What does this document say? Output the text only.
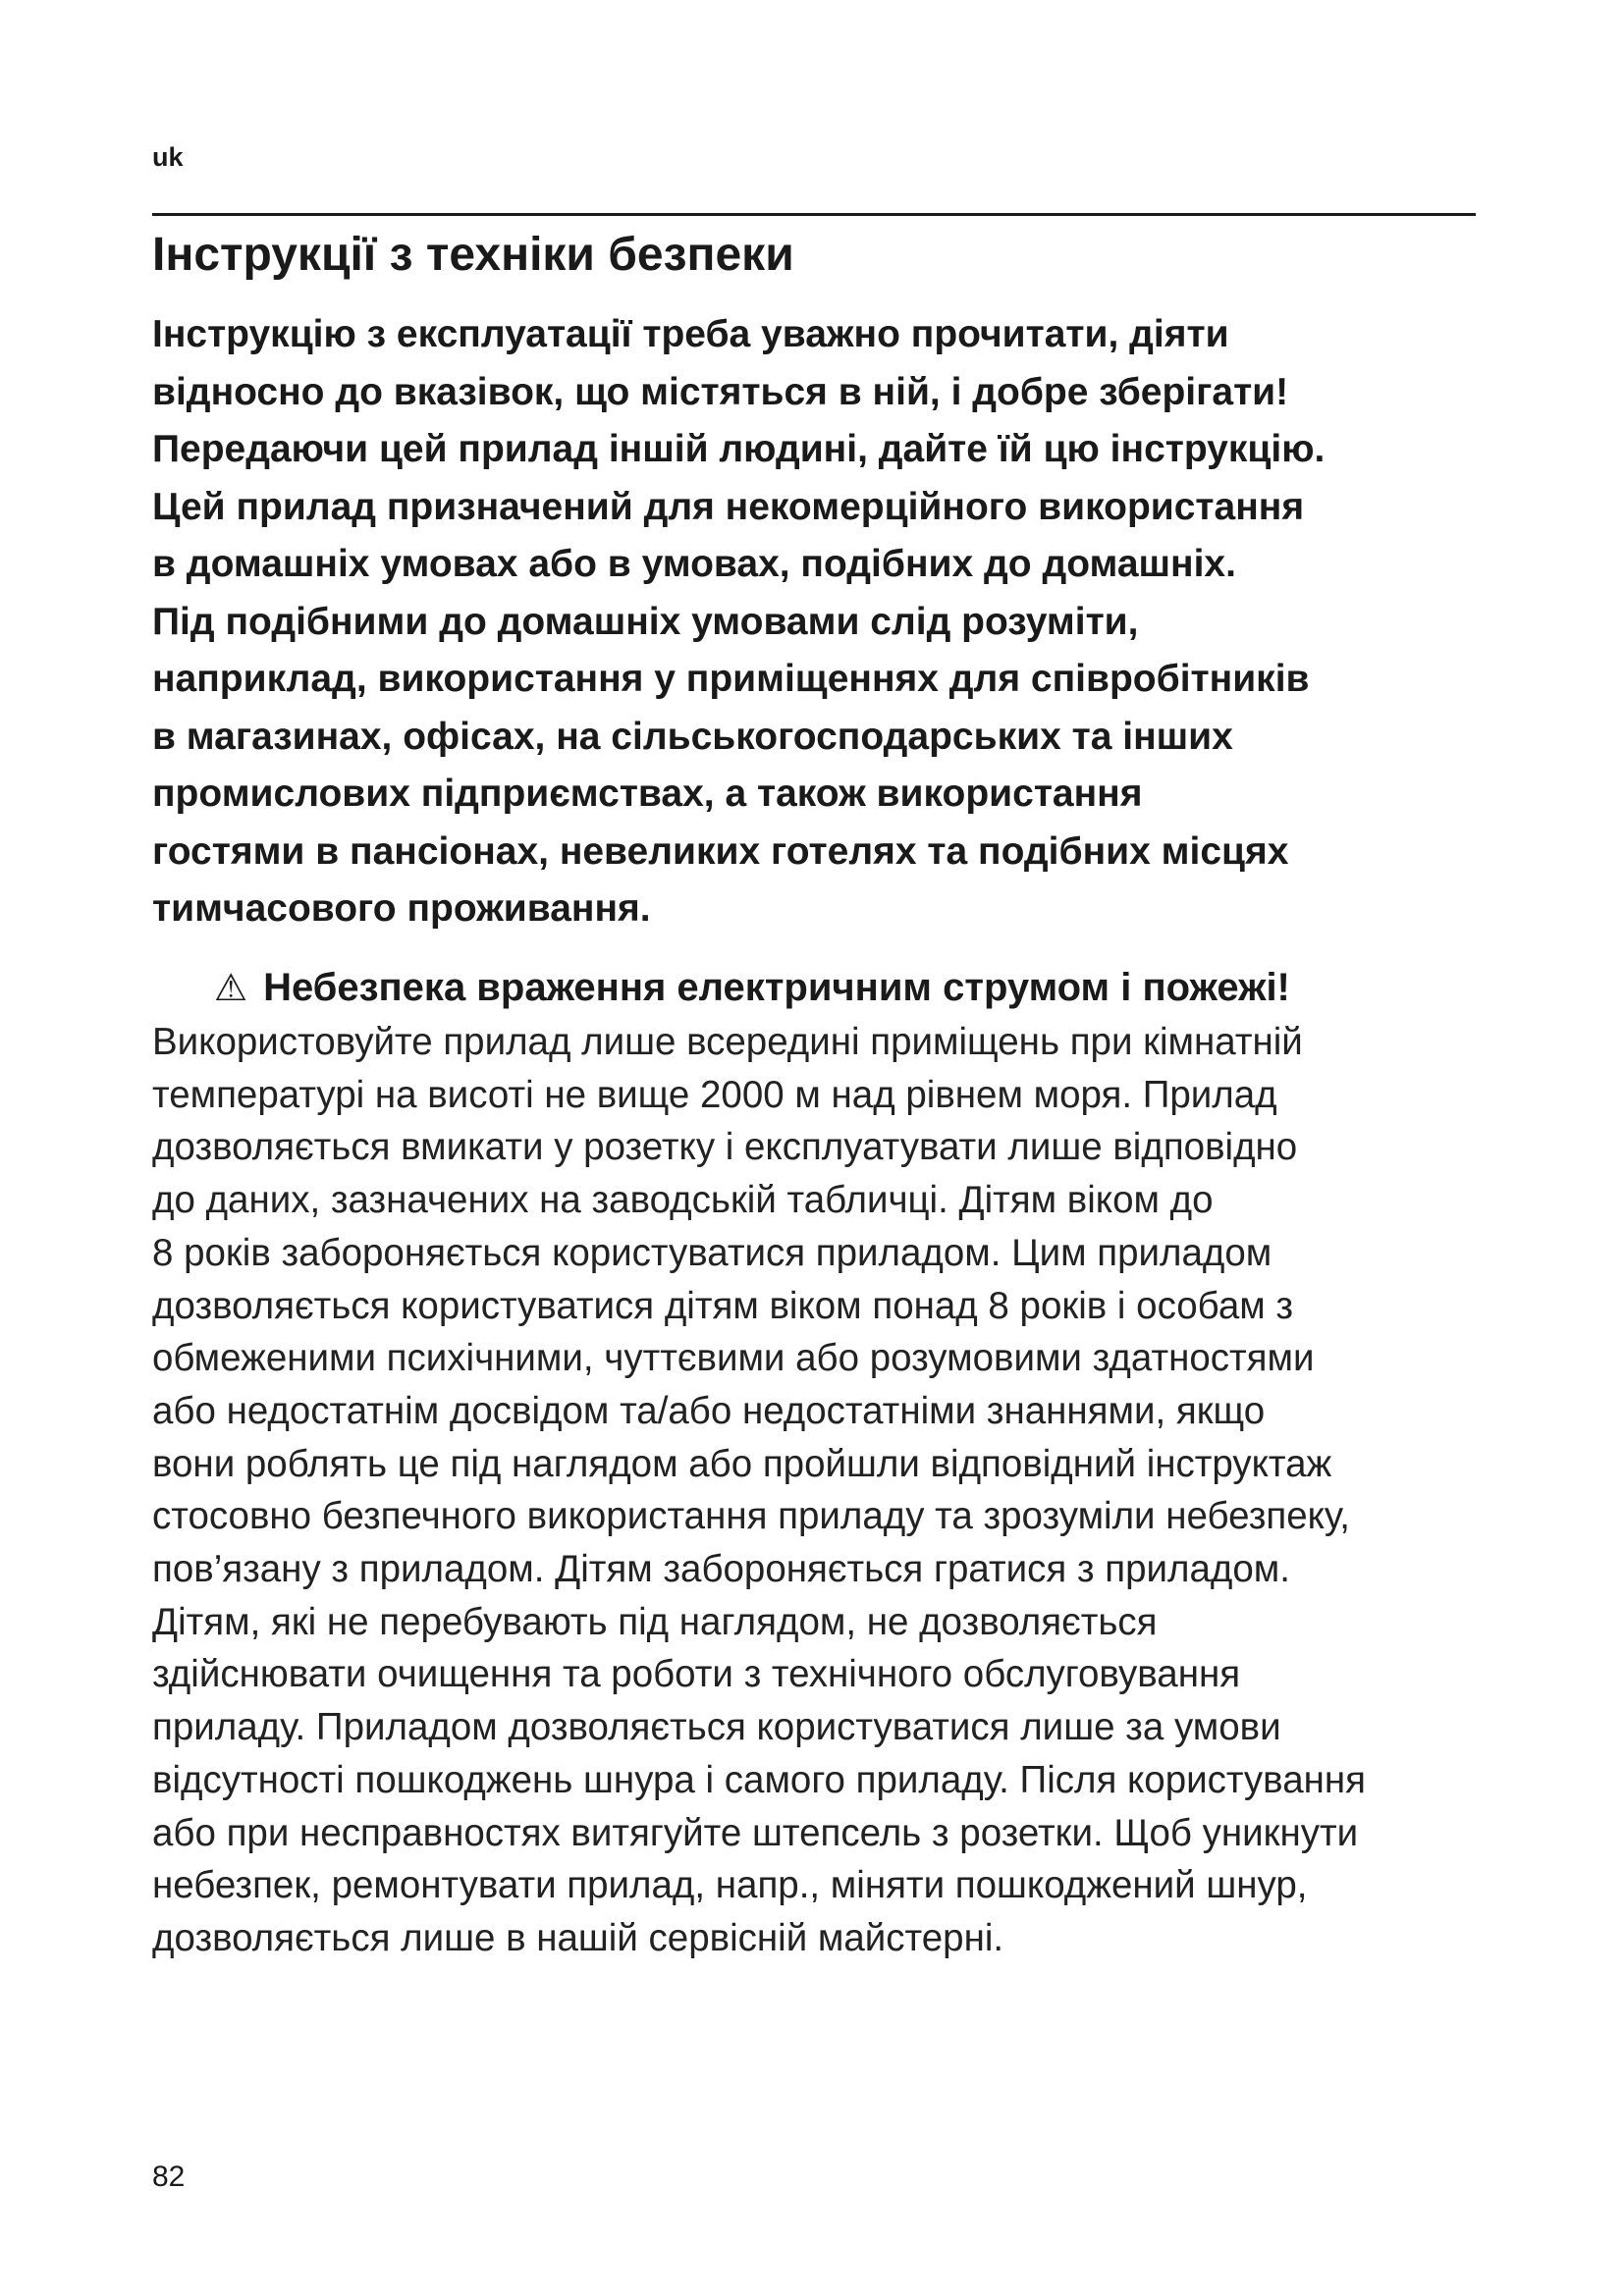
uk
Інструкції з техніки безпеки

Інструкцію з експлуатації треба уважно прочитати, діяти
відносно до вказівок, що містяться в ній, і добре зберігати!
Передаючи цей прилад іншій людині, дайте їй цю інструкцію.
Цей прилад призначений для некомерційного використання
в домашніх умовах або в умовах, подібних до домашніх.
Під подібними до домашніх умовами слід розуміти,
наприклад, використання у приміщеннях для співробітників
в магазинах, офісах, на сільськогосподарських та інших
промислових підприємствах, а також використання
гостями в пансіонах, невеликих готелях та подібних місцях
тимчасового проживання.

⚠ Небезпека враження електричним струмом і пожежі!

Використовуйте прилад лише всередині приміщень при кімнатній
температурі на висоті не вище 2000 м над рівнем моря. Прилад
дозволяється вмикати у розетку і експлуатувати лише відповідно
до даних, зазначених на заводській табличці. Дітям віком до
8 років забороняється користуватися приладом. Цим приладом
дозволяється користуватися дітям віком понад 8 років і особам з
обмеженими психічними, чуттєвими або розумовими здатностями
або недостатнім досвідом та/або недостатніми знаннями, якщо
вони роблять це під наглядом або пройшли відповідний інструктаж
стосовно безпечного використання приладу та зрозуміли небезпеку,
пов’язану з приладом. Дітям забороняється гратися з приладом.
Дітям, які не перебувають під наглядом, не дозволяється
здійснювати очищення та роботи з технічного обслуговування
приладу. Приладом дозволяється користуватися лише за умови
відсутності пошкоджень шнура і самого приладу. Після користування
або при несправностях витягуйте штепсель з розетки. Щоб уникнути
небезпек, ремонтувати прилад, напр., міняти пошкоджений шнур,
дозволяється лише в нашій сервісній майстерні.

82
